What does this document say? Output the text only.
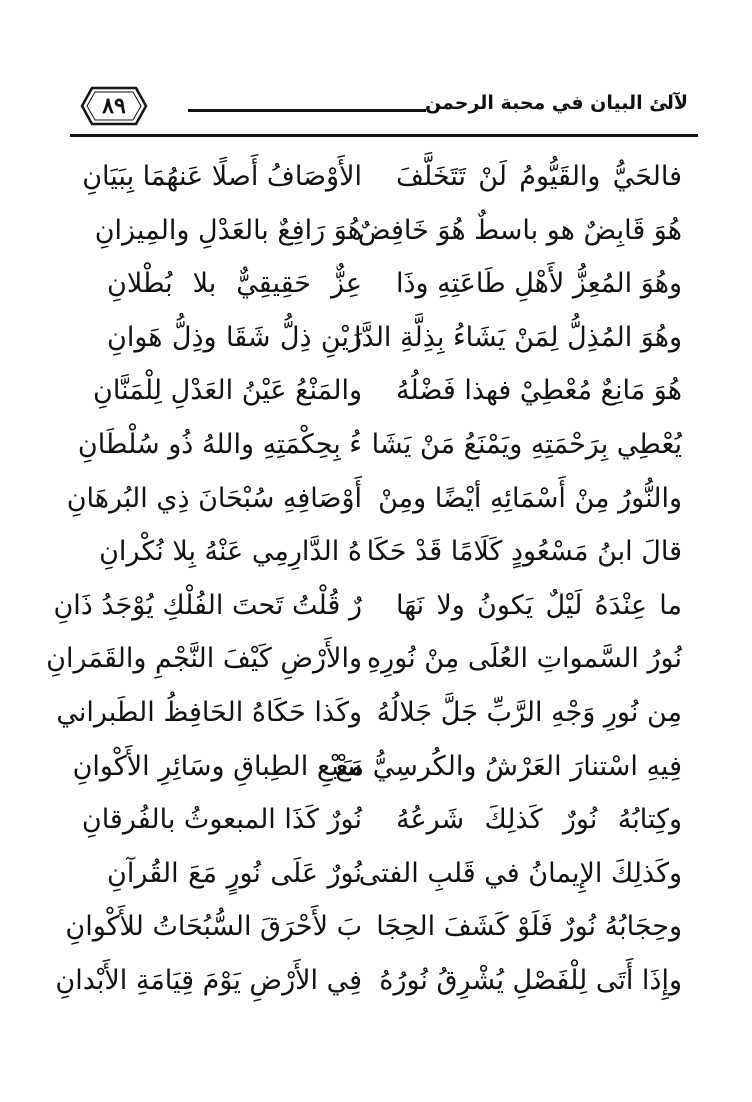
٨٩	لآلئ البيان في محبة الرحمن
فالحَيُّ والقَيُّومُ لَنْ تَتَخَلَّفَ
الأَوْصَافُ أَصلًا عَنهُمَا بِبَيَانِ
هُوَ قَابِضٌ هو باسطٌ هُوَ خَافِضٌ
هُوَ رَافِعٌ بالعَدْلِ والمِيزانِ
وهُوَ المُعِزُّ لأَهْلِ طَاعَتِهِ وذَا
عِزٌّ حَقِيقِيٌّ بلا بُطْلانِ
وهُوَ المُذِلُّ لِمَنْ يَشَاءُ بِذِلَّةِ الدَّا
رَيْنِ ذِلُّ شَقَا وذِلُّ هَوانِ
هُوَ مَانِعٌ مُعْطِيْ فهذا فَضْلُهُ
والمَنْعُ عَيْنُ العَدْلِ لِلْمَنَّانِ
يُعْطِي بِرَحْمَتِهِ ويَمْنَعُ مَنْ يَشَا
ءُ بِحِكْمَتِهِ واللهُ ذُو سُلْطَانِ
والنُّورُ مِنْ أَسْمَائِهِ أيْضًا ومِنْ
أَوْصَافِهِ سُبْحَانَ ذِي البُرهَانِ
قالَ ابنُ مَسْعُودٍ كَلَامًا قَدْ حَكَا
هُ الدَّارِمِي عَنْهُ بِلا نُكْرانِ
ما عِنْدَهُ لَيْلٌ يَكونُ ولا نَهَا
رٌ قُلْتُ تَحتَ الفُلْكِ يُوْجَدُ ذَانِ
نُورُ السَّمواتِ العُلَى مِنْ نُورِهِ
والأَرْضِ كَيْفَ النَّجْمِ والقَمَرانِ
مِن نُورِ وَجْهِ الرَّبِّ جَلَّ جَلالُهُ
وكَذا حَكَاهُ الحَافِظُ الطَبراني
فِيهِ اسْتنارَ العَرْشُ والكُرسِيُّ مَعْ
سَبْعِ الطِباقِ وسَائِرِ الأَكْوانِ
وكِتابُهُ نُورٌ كَذلِكَ شَرعُهُ
نُورٌ كَذَا المبعوثُ بالفُرقانِ
وكَذلِكَ الإِيمانُ في قَلبِ الفتى
نُورٌ عَلَى نُورٍ مَعَ القُرآنِ
وحِجَابُهُ نُورٌ فَلَوْ كَشَفَ الحِجَا
بَ لأَحْرَقَ السُّبُحَاتُ للأَكْوانِ
وإِذَا أَتَى لِلْفَصْلِ يُشْرِقُ نُورُهُ
فِي الأَرْضِ يَوْمَ قِيَامَةِ الأَبْدانِ
